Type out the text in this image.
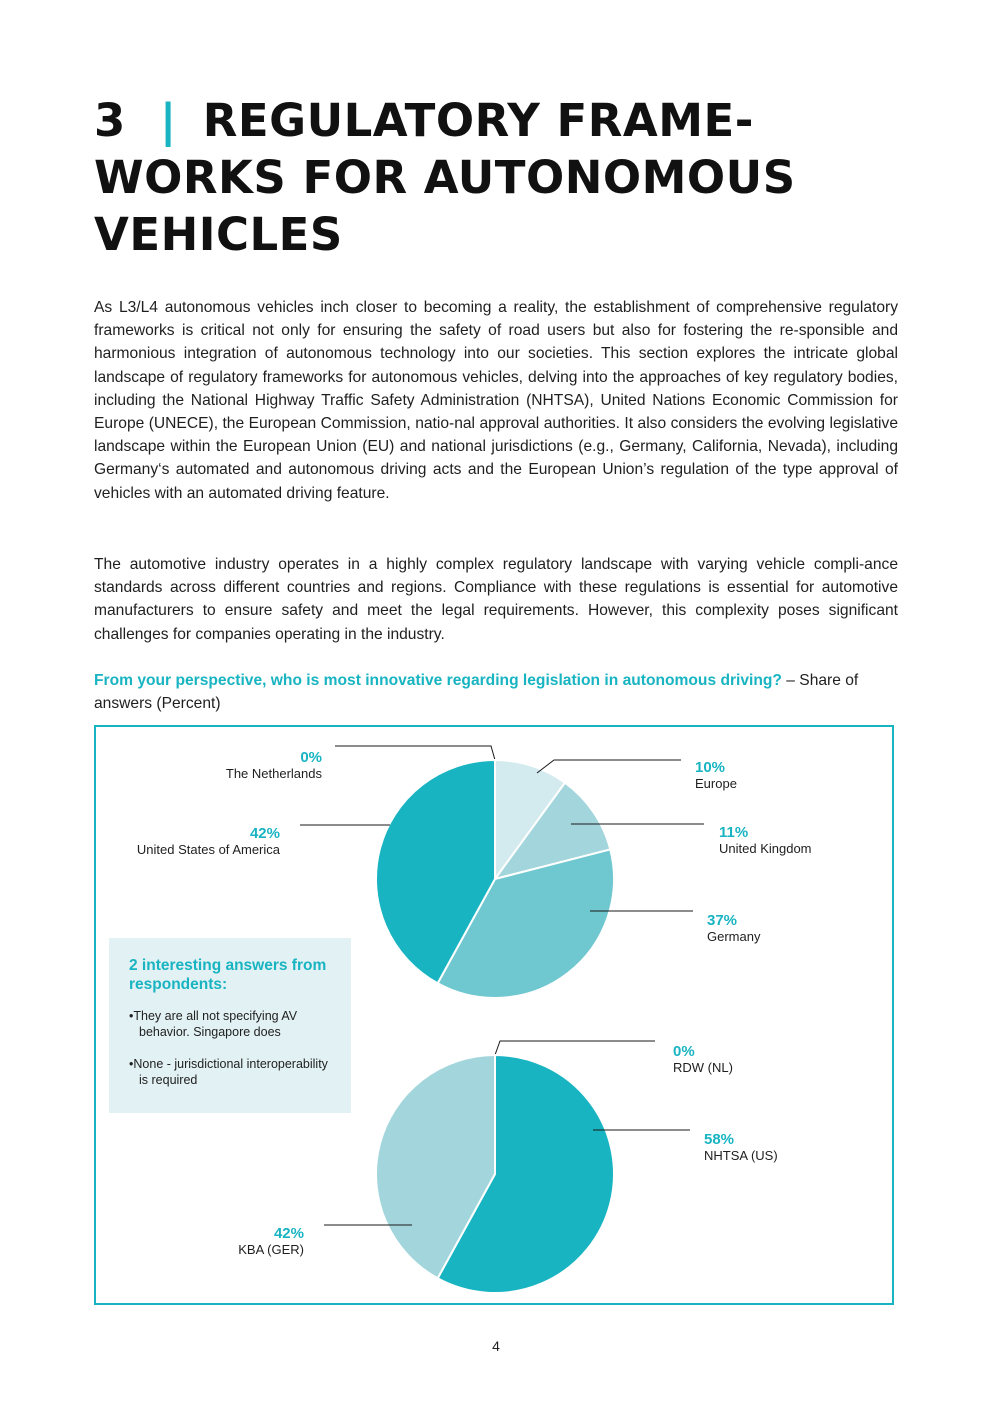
3 | REGULATORY FRAME-
WORKS FOR AUTONOMOUS
VEHICLES

As L3/L4 autonomous vehicles inch closer to becoming a reality, the establishment of comprehensive regulatory frameworks is critical not only for ensuring the safety of road users but also for fostering the re-sponsible and harmonious integration of autonomous technology into our societies. This section explores the intricate global landscape of regulatory frameworks for autonomous vehicles, delving into the approaches of key regulatory bodies, including the National Highway Traffic Safety Administration (NHTSA), United Nations Economic Commission for Europe (UNECE), the European Commission, natio-nal approval authorities. It also considers the evolving legislative landscape within the European Union (EU) and national jurisdictions (e.g., Germany, California, Nevada), including Germany‘s automated and autonomous driving acts and the European Union’s regulation of the type approval of vehicles with an automated driving feature.

The automotive industry operates in a highly complex regulatory landscape with varying vehicle compli-ance standards across different countries and regions. Compliance with these regulations is essential for automotive manufacturers to ensure safety and meet the legal requirements. However, this complexity poses significant challenges for companies operating in the industry.

From your perspective, who is most innovative regarding legislation in autonomous driving? – Share of answers (Percent)

0%
The Netherlands	10%
Europe
11%
United Kingdom
37%
Germany
42%
United States of America
0%
RDW (NL)
58%
NHTSA (US)
42%
KBA (GER)
2 interesting answers from respondents:
• They are all not specifying AV behavior. Singapore does
• None - jurisdictional interoperability is required
4
